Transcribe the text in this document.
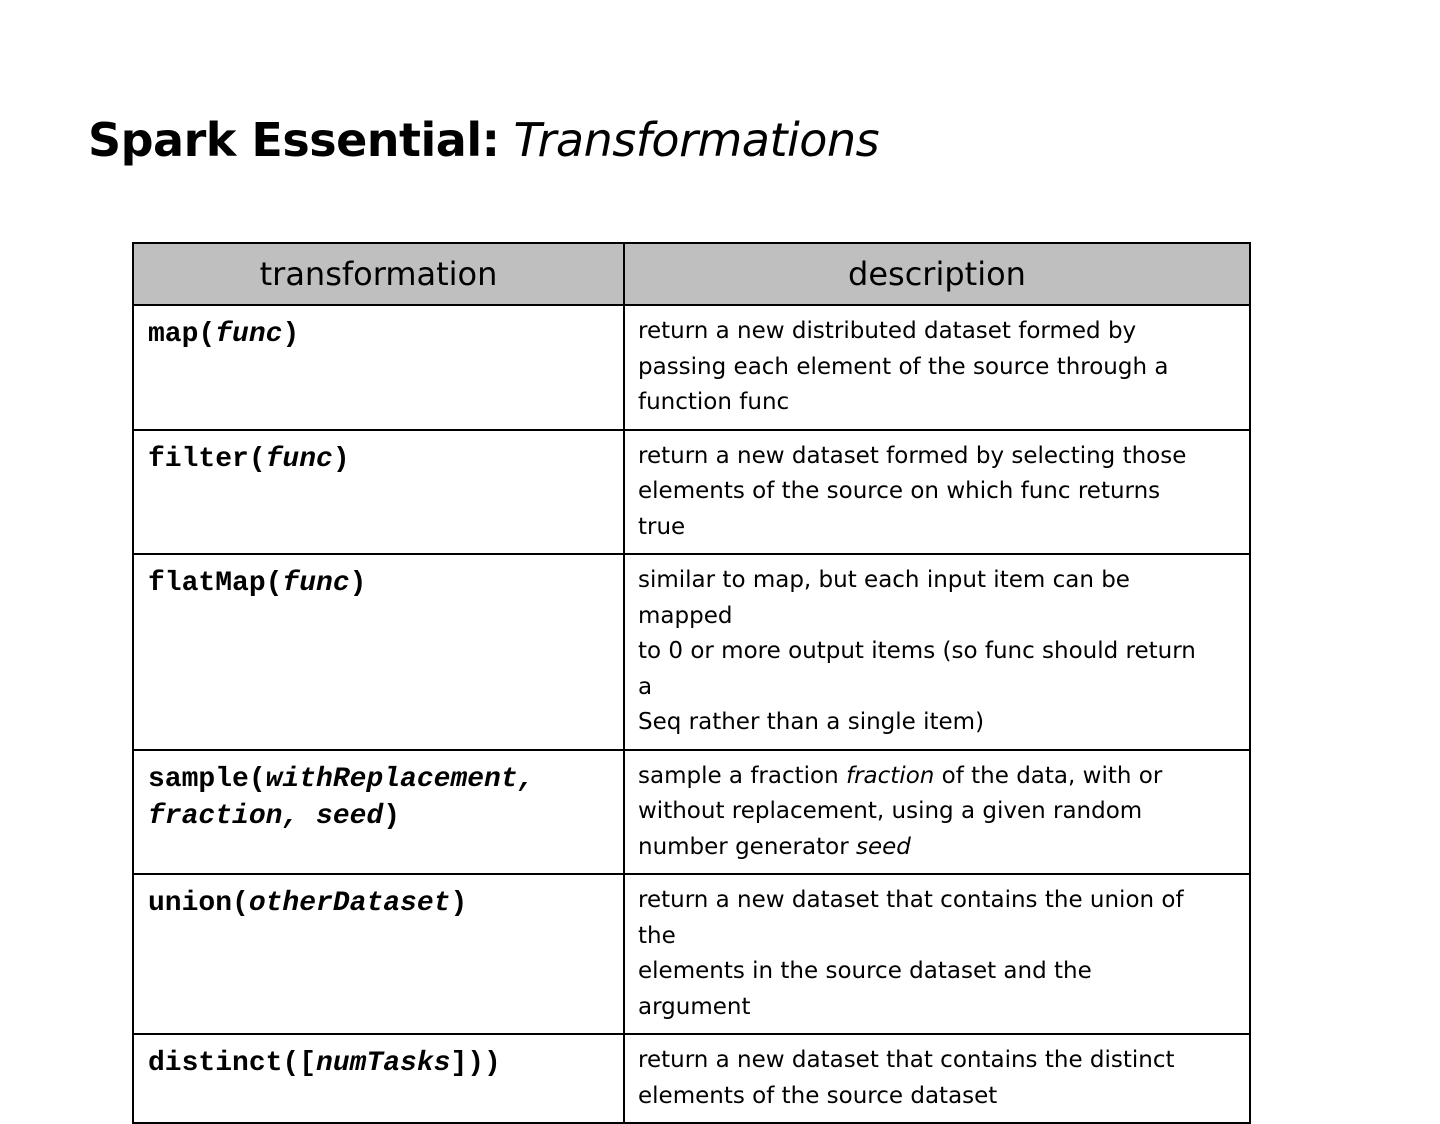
Spark Essential: Transformations
transformation	description
map(func)	return a new distributed dataset formed by
passing each element of the source through a
function func

filter(func)	return a new dataset formed by selecting those
elements of the source on which func returns
true

flatMap(func)	similar to map, but each input item can be
mapped
to 0 or more output items (so func should return
a
Seq rather than a single item)

sample(withReplacement,
fraction, seed)	sample a fraction fraction of the data, with or
without replacement, using a given random
number generator seed

union(otherDataset)	return a new dataset that contains the union of
the
elements in the source dataset and the
argument

distinct([numTasks]))	return a new dataset that contains the distinct
elements of the source dataset
